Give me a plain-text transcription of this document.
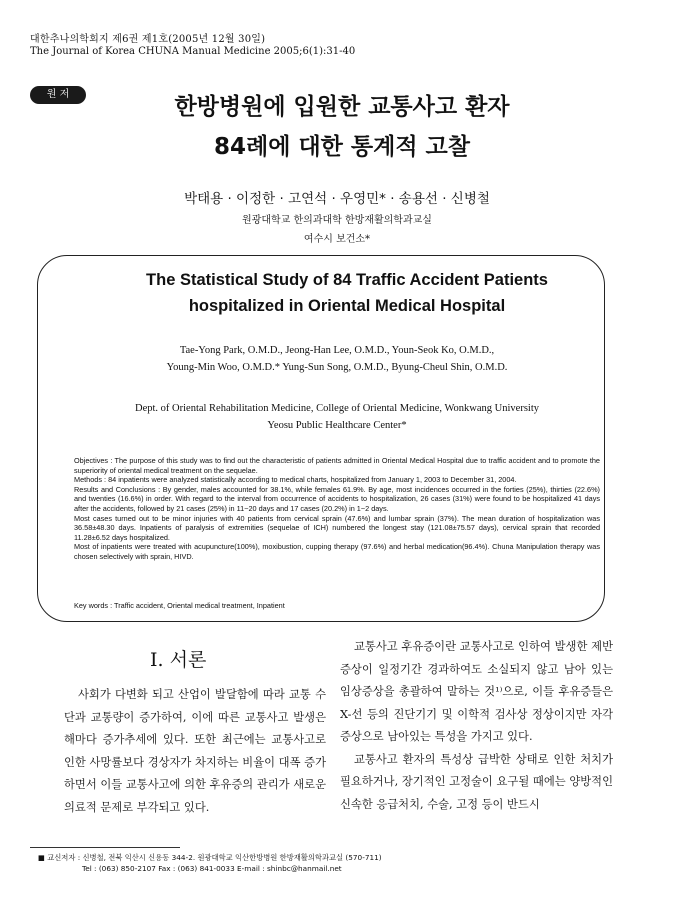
대한추나의학회지 제6권 제1호(2005년 12월 30일)
The Journal of Korea CHUNA Manual Medicine 2005;6(1):31-40
원 저	한방병원에 입원한 교통사고 환자
84례에 대한 통계적 고찰
박태용 · 이정한 · 고연석 · 우영민* · 송용선 · 신병철
원광대학교 한의과대학 한방재활의학과교실
여수시 보건소*
The Statistical Study of 84 Traffic Accident Patients
hospitalized in Oriental Medical Hospital
Tae-Yong Park, O.M.D., Jeong-Han Lee, O.M.D., Youn-Seok Ko, O.M.D.,
Young-Min Woo, O.M.D.* Yung-Sun Song, O.M.D., Byung-Cheul Shin, O.M.D.
Dept. of Oriental Rehabilitation Medicine, College of Oriental Medicine, Wonkwang University
Yeosu Public Healthcare Center*

Objectives : The purpose of this study was to find out the characteristic of patients admitted in Oriental Medical Hospital due to traffic accident and to promote the superiority of oriental medical treatment on the sequelae.

Methods : 84 inpatients were analyzed statistically according to medical charts, hospitalized from January 1, 2003 to December 31, 2004.

Results and Conclusions : By gender, males accounted for 38.1%, while females 61.9%. By age, most incidences occurred in the forties (25%), thirties (22.6%) and twenties (16.6%) in order. With regard to the interval from occurrence of accidents to hospitalization, 26 cases (31%) were found to be hospitalized 41 days after the accidents, followed by 21 cases (25%) in 11~20 days and 17 cases (20.2%) in 1~2 days.

Most cases turned out to be minor injuries with 40 patients from cervical sprain (47.6%) and lumbar sprain (37%). The mean duration of hospitalization was 36.58±48.30 days. Inpatients of paralysis of extremities (sequelae of ICH) numbered the longest stay (121.08±75.57 days), cervical sprain that recorded 11.28±6.52 days hospitalized.

Most of inpatients were treated with acupuncture(100%), moxibustion, cupping therapy (97.6%) and herbal medication(96.4%). Chuna Manipulation therapy was chosen selectively with sprain, HIVD.

Key words : Traffic accident, Oriental medical treatment, Inpatient
Ⅰ. 서론

사회가 다변화 되고 산업이 발달함에 따라 교통 수단과 교통량이 증가하여, 이에 따른 교통사고 발생은 해마다 증가추세에 있다. 또한 최근에는 교통사고로 인한 사망률보다 경상자가 차지하는 비율이 대폭 증가하면서 이들 교통사고에 의한 후유증의 관리가 새로운 의료적 문제로 부각되고 있다.

교통사고 후유증이란 교통사고로 인하여 발생한 제반증상이 일정기간 경과하여도 소실되지 않고 남아 있는 임상증상을 총괄하여 말하는 것¹⁾으로, 이들 후유증들은 X-선 등의 진단기기 및 이학적 검사상 정상이지만 자각 증상으로 남아있는 특성을 가지고 있다.

교통사고 환자의 특성상 급박한 상태로 인한 처치가 필요하거나, 장기적인 고정술이 요구될 때에는 양방적인 신속한 응급처치, 수술, 고정 등이 반드시

■ 교신저자 : 신병철, 전북 익산시 신용동 344-2. 원광대학교 익산한방병원 한방재활의학과교실 (570-711)
Tel : (063) 850-2107 Fax : (063) 841-0033 E-mail : shinbc@hanmail.net
